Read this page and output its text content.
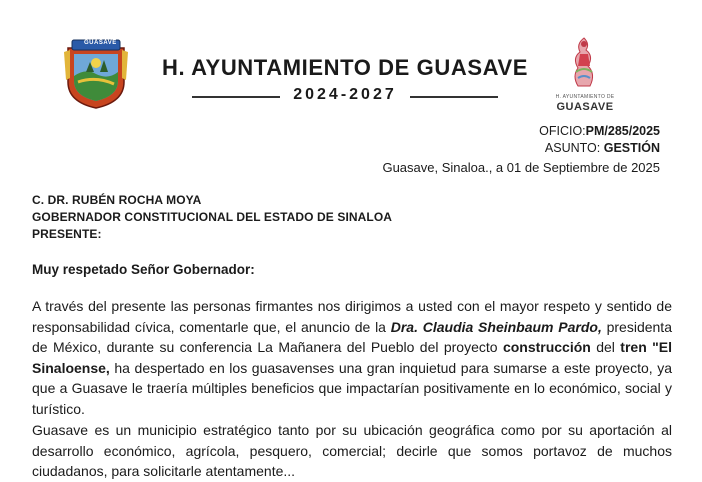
GUASAVE
H. AYUNTAMIENTO DE GUASAVE
2024-2027	H. AYUNTAMIENTO DE
GUASAVE
OFICIO:PM/285/2025
ASUNTO: GESTIÓN
Guasave, Sinaloa., a 01 de Septiembre de 2025
C. DR. RUBÉN ROCHA MOYA
GOBERNADOR CONSTITUCIONAL DEL ESTADO DE SINALOA
PRESENTE:
Muy respetado Señor Gobernador:
A través del presente las personas firmantes nos dirigimos a usted con el mayor respeto y sentido de responsabilidad cívica, comentarle que, el anuncio de la Dra. Claudia Sheinbaum Pardo, presidenta de México, durante su conferencia La Mañanera del Pueblo del proyecto construcción del tren "El Sinaloense, ha despertado en los guasavenses una gran inquietud para sumarse a este proyecto, ya que a Guasave le traería múltiples beneficios que impactarían positivamente en lo económico, social y turístico.
Guasave es un municipio estratégico tanto por su ubicación geográfica como por su aportación al desarrollo económico, agrícola, pesquero, comercial; decirle que somos portavoz de muchos ciudadanos, para solicitarle atentamente...
